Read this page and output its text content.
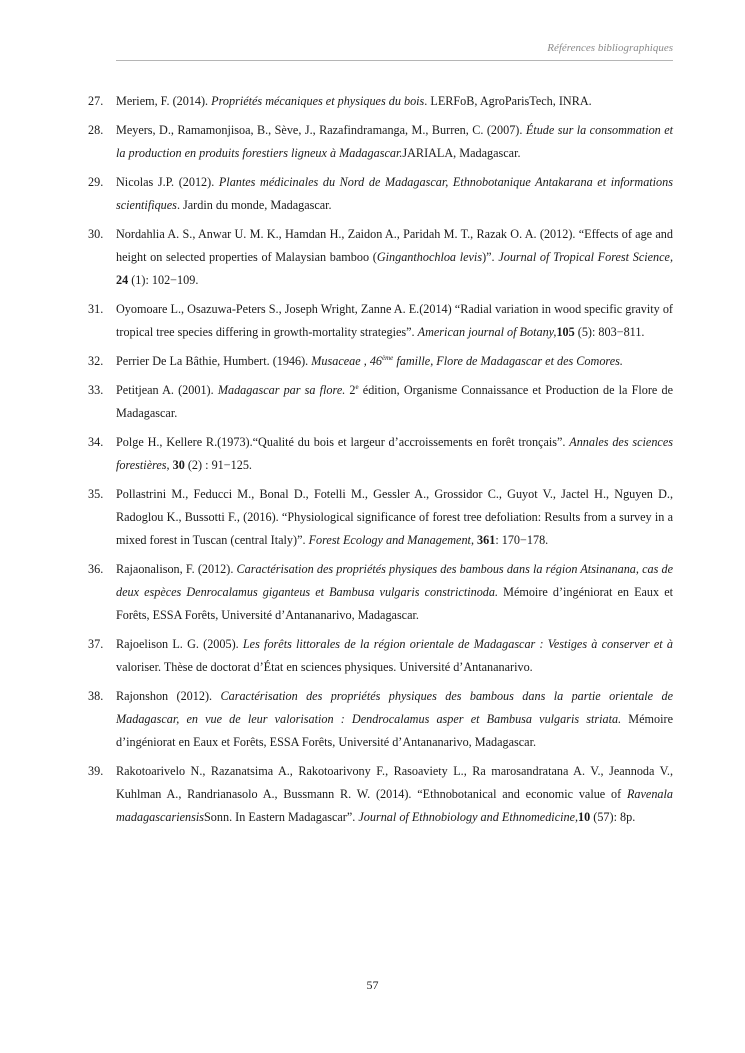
Références bibliographiques
27. Meriem, F. (2014). Propriétés mécaniques et physiques du bois. LERFoB, AgroParisTech, INRA.
28. Meyers, D., Ramamonjisoa, B., Sève, J., Razafindramanga, M., Burren, C. (2007). Étude sur la consommation et la production en produits forestiers ligneux à Madagascar.JARIALA, Madagascar.
29. Nicolas J.P. (2012). Plantes médicinales du Nord de Madagascar, Ethnobotanique Antakarana et informations scientifiques. Jardin du monde, Madagascar.
30. Nordahlia A. S., Anwar U. M. K., Hamdan H., Zaidon A., Paridah M. T., Razak O. A. (2012). “Effects of age and height on selected properties of Malaysian bamboo (Ginganthochloa levis)”. Journal of Tropical Forest Science, 24 (1): 102−109.
31. Oyomoare L., Osazuwa-Peters S., Joseph Wright, Zanne A. E.(2014) “Radial variation in wood specific gravity of tropical tree species differing in growth-mortality strategies”. American journal of Botany,105 (5): 803−811.
32. Perrier De La Bâthie, Humbert. (1946). Musaceae , 46ème famille, Flore de Madagascar et des Comores.
33. Petitjean A. (2001). Madagascar par sa flore. 2e édition, Organisme Connaissance et Production de la Flore de Madagascar.
34. Polge H., Kellere R.(1973).“Qualité du bois et largeur d’accroissements en forêt tronçais”. Annales des sciences forestières, 30 (2) : 91−125.
35. Pollastrini M., Feducci M., Bonal D., Fotelli M., Gessler A., Grossidor C., Guyot V., Jactel H., Nguyen D., Radoglou K., Bussotti F., (2016). “Physiological significance of forest tree defoliation: Results from a survey in a mixed forest in Tuscan (central Italy)”. Forest Ecology and Management, 361: 170−178.
36. Rajaonalison, F. (2012). Caractérisation des propriétés physiques des bambous dans la région Atsinanana, cas de deux espèces Denrocalamus giganteus et Bambusa vulgaris constrictinoda. Mémoire d’ingéniorat en Eaux et Forêts, ESSA Forêts, Université d’Antananarivo, Madagascar.
37. Rajoelison L. G. (2005). Les forêts littorales de la région orientale de Madagascar : Vestiges à conserver et à valoriser. Thèse de doctorat d’État en sciences physiques. Université d’Antananarivo.
38. Rajonshon (2012). Caractérisation des propriétés physiques des bambous dans la partie orientale de Madagascar, en vue de leur valorisation : Dendrocalamus asper et Bambusa vulgaris striata. Mémoire d’ingéniorat en Eaux et Forêts, ESSA Forêts, Université d’Antananarivo, Madagascar.
39. Rakotoarivelo N., Razanatsima A., Rakotoarivony F., Rasoaviety L., Ra marosandratana A. V., Jeannoda V., Kuhlman A., Randrianasolo A., Bussmann R. W. (2014). “Ethnobotanical and economic value of Ravenala madagascariensisSonn. In Eastern Madagascar”. Journal of Ethnobiology and Ethnomedicine,10 (57): 8p.
57
